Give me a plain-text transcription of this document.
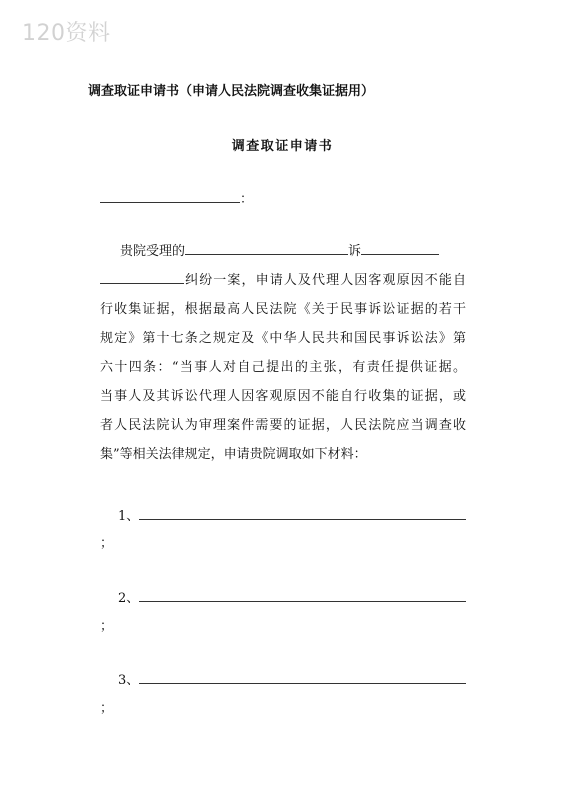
120资料
调查取证申请书（申请人民法院调查收集证据用）
调查取证申请书
：
贵院受理的	诉
纠纷一案，申请人及代理人因客观原因不能自
行收集证据，根据最高人民法院《关于民事诉讼证据的若干
规定》第十七条之规定及《中华人民共和国民事诉讼法》第
六十四条：“当事人对自己提出的主张，有责任提供证据。
当事人及其诉讼代理人因客观原因不能自行收集的证据，或
者人民法院认为审理案件需要的证据，人民法院应当调查收
集”等相关法律规定，申请贵院调取如下材料：
1、
；
2、
；
3、
；
